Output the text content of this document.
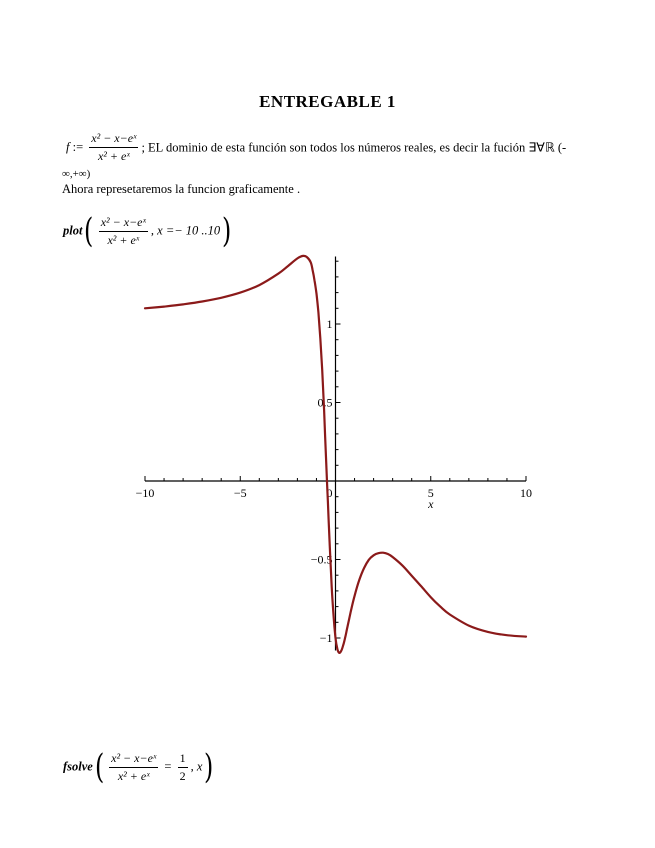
ENTREGABLE 1
f := $\frac{\text{x² − x−eˣ}}{\text{x² + eˣ}}$ ; EL dominio de esta función son todos los números reales, es decir la fución ∃∀ℝ (-
∞,+∞)
Ahora represetaremos la funcion graficamente .
plot( $\frac{\text{x² − x−eˣ}}{\text{x² + eˣ}}$ , x =− 10 ..10)
−10	−5	0	5	10
1
0.5
−0.5
−1
x
fsolve( $\frac{\text{x² − x−eˣ}}{\text{x² + eˣ}} = \frac{1}{2}$ , x)
